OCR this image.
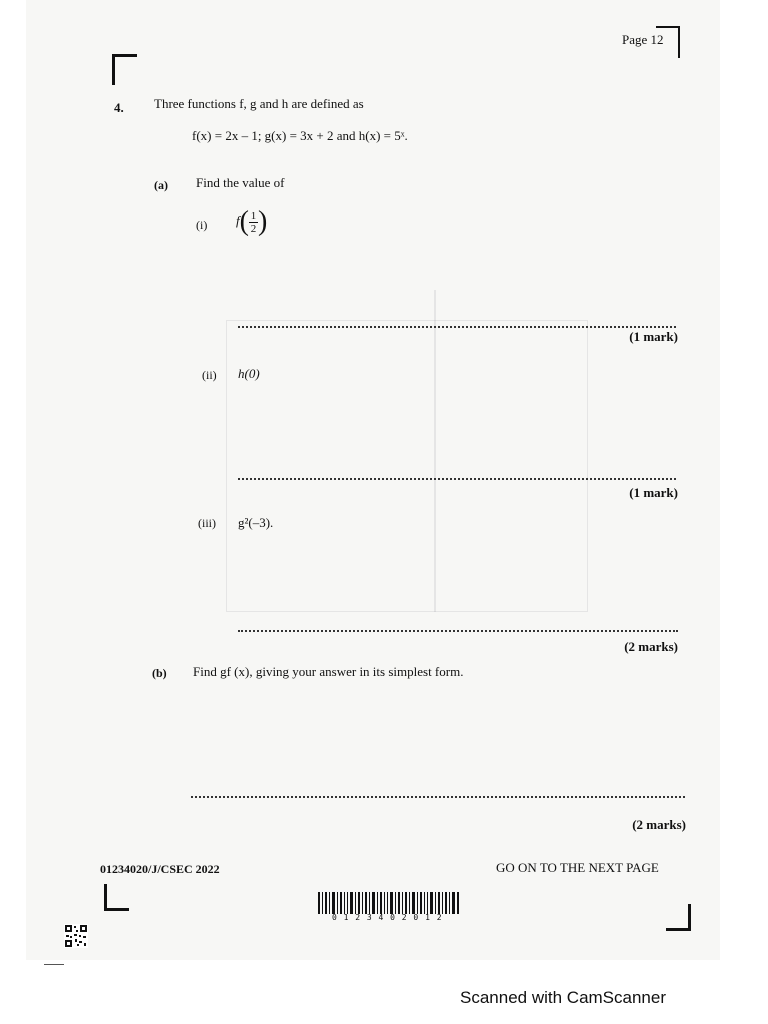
Page 12
4. Three functions f, g and h are defined as
f(x) = 2x – 1; g(x) = 3x + 2 and h(x) = 5ˣ.
(a) Find the value of
(i) $f( \frac{1}{2}$ )
(1 mark)
(ii) h(0)
(1 mark)
(iii) g²(–3).
(2 marks)
(b) Find gf (x), giving your answer in its simplest form.
(2 marks)
01234020/J/CSEC 2022	GO ON TO THE NEXT PAGE
0 1 2 3 4 0 2 0 1 2
Scanned with CamScanner
